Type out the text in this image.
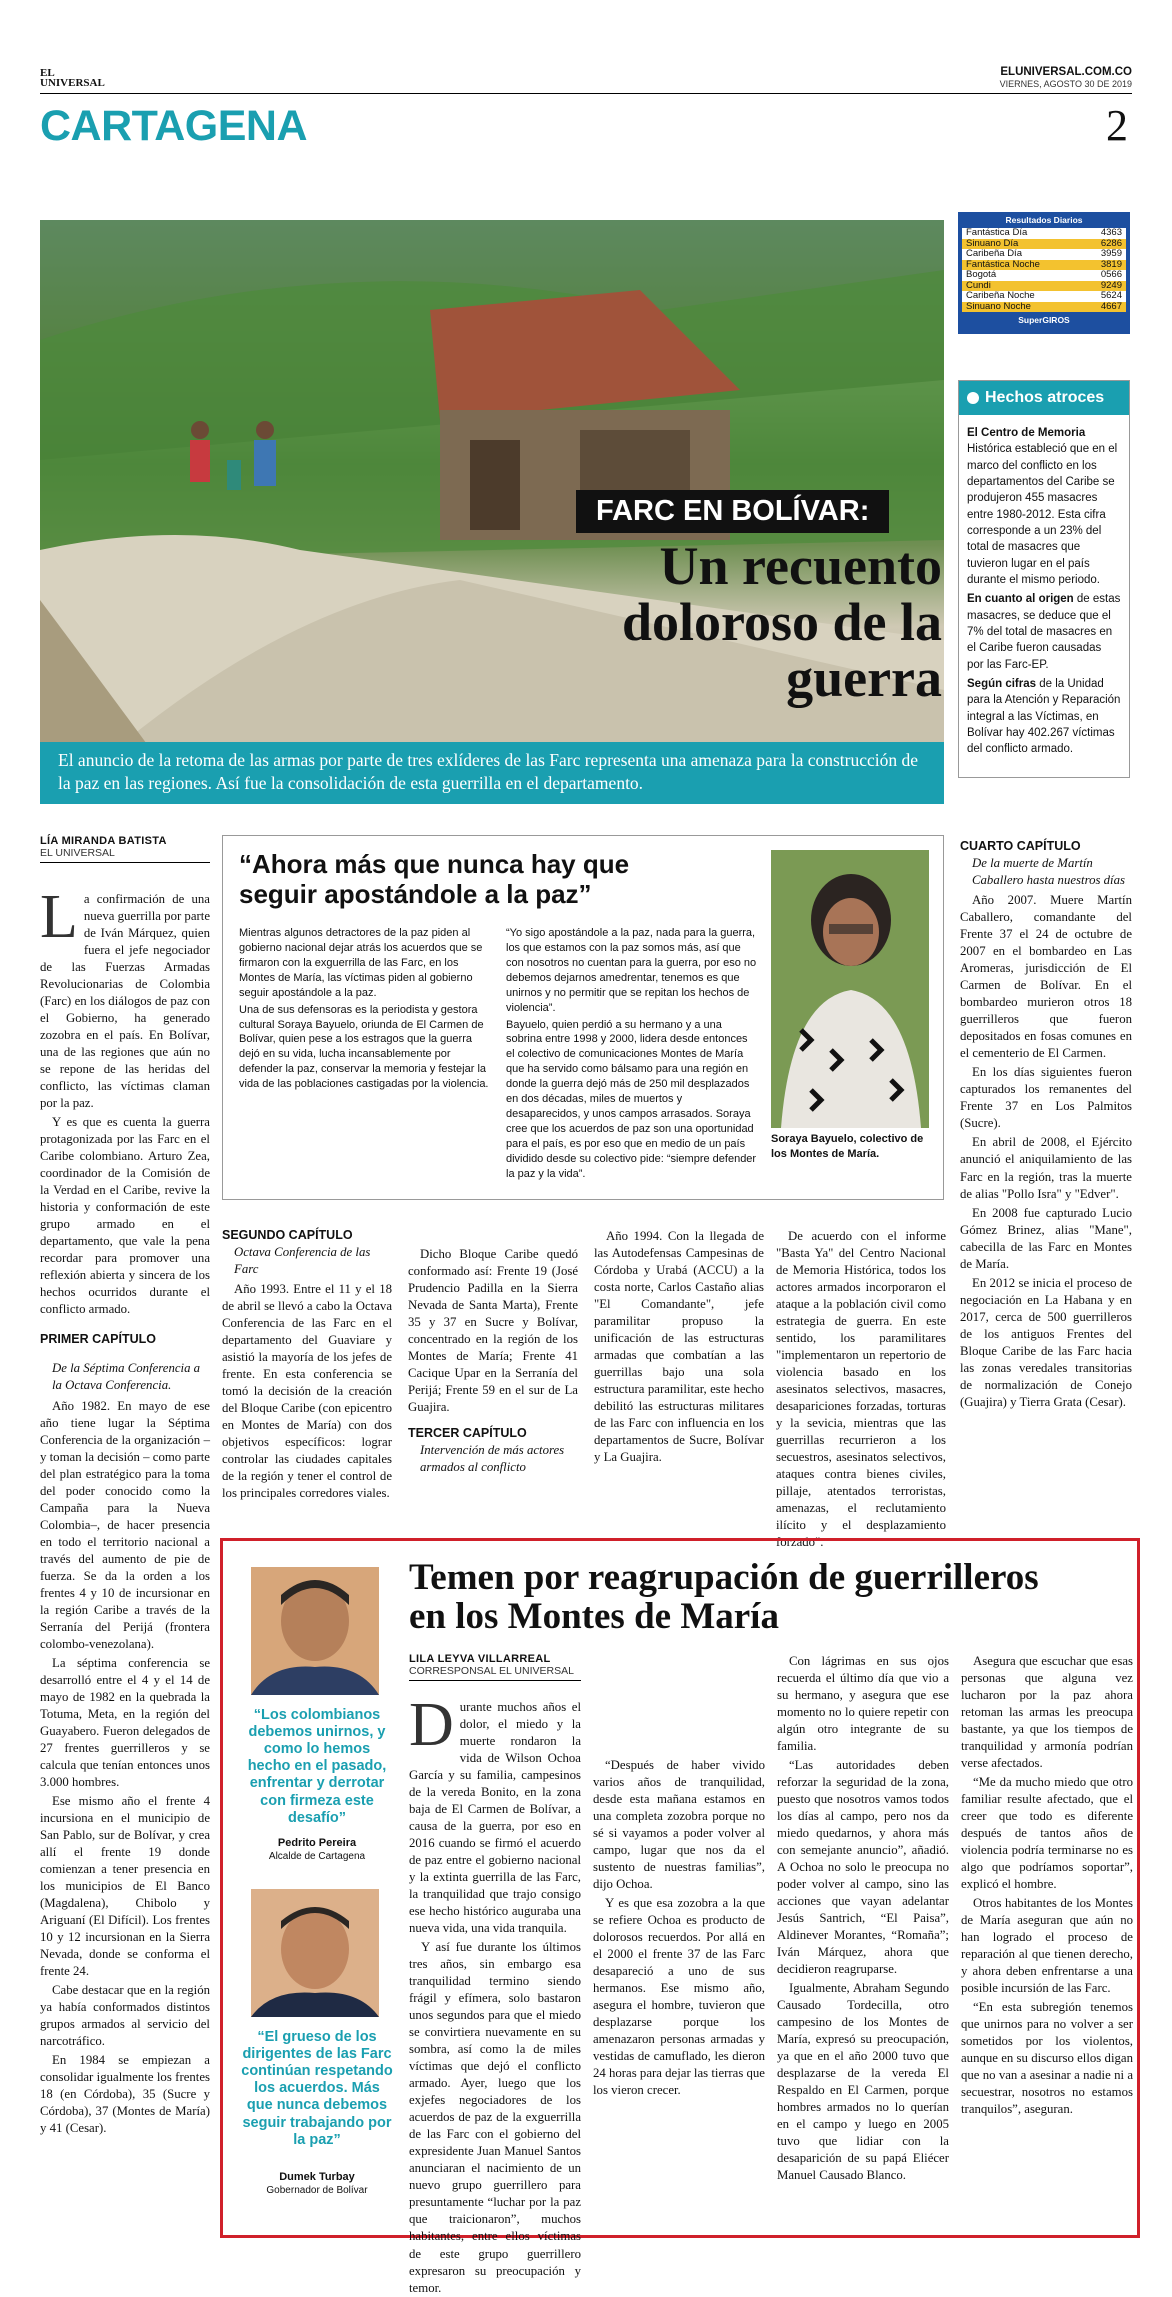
EL UNIVERSAL
ELUNIVERSAL.COM.CO
VIERNES, AGOSTO 30 DE 2019
CARTAGENA	2
FARC EN BOLÍVAR:
Un recuento doloroso de la guerra
El anuncio de la retoma de las armas por parte de tres exlíderes de las Farc representa una amenaza para la construcción de la paz en las regiones. Así fue la consolidación de esta guerrilla en el departamento.
Resultados Diarios
Fantástica Día	4363
Sinuano Día	6286
Caribeña Día	3959
Fantástica Noche	3819
Bogotá	0566
Cundi	9249
Caribeña Noche	5624
Sinuano Noche	4667
SuperGIROS
Hechos atroces

El Centro de Memoria Histórica estableció que en el marco del conflicto en los departamentos del Caribe se produjeron 455 masacres entre 1980-2012. Esta cifra corresponde a un 23% del total de masacres que tuvieron lugar en el país durante el mismo periodo.

En cuanto al origen de estas masacres, se deduce que el 7% del total de masacres en el Caribe fueron causadas por las Farc-EP.

Según cifras de la Unidad para la Atención y Reparación integral a las Víctimas, en Bolívar hay 402.267 víctimas del conflicto armado.

LÍA MIRANDA BATISTA
EL UNIVERSAL

La confirmación de una nueva guerrilla por parte de Iván Márquez, quien fuera el jefe negociador de las Fuerzas Armadas Revolucionarias de Colombia (Farc) en los diálogos de paz con el Gobierno, ha generado zozobra en el país. En Bolívar, una de las regiones que aún no se repone de las heridas del conflicto, las víctimas claman por la paz.

Y es que es cuenta la guerra protagonizada por las Farc en el Caribe colombiano. Arturo Zea, coordinador de la Comisión de la Verdad en el Caribe, revive la historia y conformación de este grupo armado en el departamento, que vale la pena recordar para promover una reflexión abierta y sincera de los hechos ocurridos durante el conflicto armado.

PRIMER CAPÍTULO
De la Séptima Conferencia a la Octava Conferencia.

Año 1982. En mayo de ese año tiene lugar la Séptima Conferencia de la organización – y toman la decisión – como parte del plan estratégico para la toma del poder conocido como la Campaña para la Nueva Colombia–, de hacer presencia en todo el territorio nacional a través del aumento de pie de fuerza. Se da la orden a los frentes 4 y 10 de incursionar en la región Caribe a través de la Serranía del Perijá (frontera colombo-venezolana).

La séptima conferencia se desarrolló entre el 4 y el 14 de mayo de 1982 en la quebrada la Totuma, Meta, en la región del Guayabero. Fueron delegados de 27 frentes guerrilleros y se calcula que tenían entonces unos 3.000 hombres.

Ese mismo año el frente 4 incursiona en el municipio de San Pablo, sur de Bolívar, y crea allí el frente 19 donde comienzan a tener presencia en los municipios de El Banco (Magdalena), Chibolo y Ariguaní (El Difícil). Los frentes 10 y 12 incursionan en la Sierra Nevada, donde se conforma el frente 24.

Cabe destacar que en la región ya había conformados distintos grupos armados al servicio del narcotráfico.

En 1984 se empiezan a consolidar igualmente los frentes 18 (en Córdoba), 35 (Sucre y Córdoba), 37 (Montes de María) y 41 (Cesar).

“Ahora más que nunca hay que seguir apostándole a la paz”

Mientras algunos detractores de la paz piden al gobierno nacional dejar atrás los acuerdos que se firmaron con la exguerrilla de las Farc, en los Montes de María, las víctimas piden al gobierno seguir apostándole a la paz.

Una de sus defensoras es la periodista y gestora cultural Soraya Bayuelo, oriunda de El Carmen de Bolívar, quien pese a los estragos que la guerra dejó en su vida, lucha incansablemente por defender la paz, conservar la memoria y festejar la vida de las poblaciones castigadas por la violencia.

“Yo sigo apostándole a la paz, nada para la guerra, los que estamos con la paz somos más, así que con nosotros no cuentan para la guerra, por eso no debemos dejarnos amedrentar, tenemos es que unirnos y no permitir que se repitan los hechos de violencia”.

Bayuelo, quien perdió a su hermano y a una sobrina entre 1998 y 2000, lidera desde entonces el colectivo de comunicaciones Montes de María que ha servido como bálsamo para una región en donde la guerra dejó más de 250 mil desplazados en dos décadas, miles de muertos y desaparecidos, y unos campos arrasados. Soraya cree que los acuerdos de paz son una oportunidad para el país, es por eso que en medio de un país dividido desde su colectivo pide: “siempre defender la paz y la vida”.

Soraya Bayuelo, colectivo de los Montes de María.
SEGUNDO CAPÍTULO
Octava Conferencia de las Farc

Año 1993. Entre el 11 y el 18 de abril se llevó a cabo la Octava Conferencia de las Farc en el departamento del Guaviare y asistió la mayoría de los jefes de frente. En esta conferencia se tomó la decisión de la creación del Bloque Caribe (con epicentro en Montes de María) con dos objetivos específicos: lograr controlar las ciudades capitales de la región y tener el control de los principales corredores viales.

Dicho Bloque Caribe quedó conformado así: Frente 19 (José Prudencio Padilla en la Sierra Nevada de Santa Marta), Frente 35 y 37 en Sucre y Bolívar, concentrado en la región de los Montes de María; Frente 41 Cacique Upar en la Serranía del Perijá; Frente 59 en el sur de La Guajira.

TERCER CAPÍTULO
Intervención de más actores armados al conflicto

Año 1994. Con la llegada de las Autodefensas Campesinas de Córdoba y Urabá (ACCU) a la costa norte, Carlos Castaño alias "El Comandante", jefe paramilitar propuso la unificación de las estructuras armadas que combatían a las guerrillas bajo una sola estructura paramilitar, este hecho debilitó las estructuras militares de las Farc con influencia en los departamentos de Sucre, Bolívar y La Guajira.

De acuerdo con el informe "Basta Ya" del Centro Nacional de Memoria Histórica, todos los actores armados incorporaron el ataque a la población civil como estrategia de guerra. En este sentido, los paramilitares "implementaron un repertorio de violencia basado en los asesinatos selectivos, masacres, desapariciones forzadas, torturas y la sevicia, mientras que las guerrillas recurrieron a los secuestros, asesinatos selectivos, ataques contra bienes civiles, pillaje, atentados terroristas, amenazas, el reclutamiento ilícito y el desplazamiento forzado".

CUARTO CAPÍTULO
De la muerte de Martín Caballero hasta nuestros días

Año 2007. Muere Martín Caballero, comandante del Frente 37 el 24 de octubre de 2007 en el bombardeo en Las Aromeras, jurisdicción de El Carmen de Bolívar. En el bombardeo murieron otros 18 guerrilleros que fueron depositados en fosas comunes en el cementerio de El Carmen.

En los días siguientes fueron capturados los remanentes del Frente 37 en Los Palmitos (Sucre).

En abril de 2008, el Ejército anunció el aniquilamiento de las Farc en la región, tras la muerte de alias "Pollo Isra" y "Edver".

En 2008 fue capturado Lucio Gómez Brinez, alias "Mane", cabecilla de las Farc en Montes de María.

En 2012 se inicia el proceso de negociación en La Habana y en 2017, cerca de 500 guerrilleros de los antiguos Frentes del Bloque Caribe de las Farc hacia las zonas veredales transitorias de normalización de Conejo (Guajira) y Tierra Grata (Cesar).

“Los colombianos debemos unirnos, y como lo hemos hecho en el pasado, enfrentar y derrotar con firmeza este desafío”
Pedrito Pereira
Alcalde de Cartagena
“El grueso de los dirigentes de las Farc continúan respetando los acuerdos. Más que nunca debemos seguir trabajando por la paz”
Dumek Turbay
Gobernador de Bolívar
Temen por reagrupación de guerrilleros en los Montes de María
LILA LEYVA VILLARREAL
CORRESPONSAL EL UNIVERSAL

Durante muchos años el dolor, el miedo y la muerte rondaron la vida de Wilson Ochoa García y su familia, campesinos de la vereda Bonito, en la zona baja de El Carmen de Bolívar, a causa de la guerra, por eso en 2016 cuando se firmó el acuerdo de paz entre el gobierno nacional y la extinta guerrilla de las Farc, la tranquilidad que trajo consigo ese hecho histórico auguraba una nueva vida, una vida tranquila.

Y así fue durante los últimos tres años, sin embargo esa tranquilidad termino siendo frágil y efímera, solo bastaron unos segundos para que el miedo se convirtiera nuevamente en su sombra, así como la de miles víctimas que dejó el conflicto armado. Ayer, luego que los exjefes negociadores de los acuerdos de paz de la exguerrilla de las Farc con el gobierno del expresidente Juan Manuel Santos anunciaran el nacimiento de un nuevo grupo guerrillero para presuntamente “luchar por la paz que traicionaron”, muchos habitantes, entre ellos víctimas de este grupo guerrillero expresaron su preocupación y temor.

“Después de haber vivido varios años de tranquilidad, desde esta mañana estamos en una completa zozobra porque no sé si vayamos a poder volver al campo, lugar que nos da el sustento de nuestras familias”, dijo Ochoa.

Y es que esa zozobra a la que se refiere Ochoa es producto de dolorosos recuerdos. Por allá en el 2000 el frente 37 de las Farc desapareció a uno de sus hermanos. Ese mismo año, asegura el hombre, tuvieron que desplazarse porque los amenazaron personas armadas y vestidas de camuflado, les dieron 24 horas para dejar las tierras que los vieron crecer.

Con lágrimas en sus ojos recuerda el último día que vio a su hermano, y asegura que ese momento no lo quiere repetir con algún otro integrante de su familia.

“Las autoridades deben reforzar la seguridad de la zona, puesto que nosotros vamos todos los días al campo, pero nos da miedo quedarnos, y ahora más con semejante anuncio”, añadió. A Ochoa no solo le preocupa no poder volver al campo, sino las acciones que vayan adelantar Jesús Santrich, “El Paisa”, Aldinever Morantes, “Romaña”; Iván Márquez, ahora que decidieron reagruparse.

Igualmente, Abraham Segundo Causado Tordecilla, otro campesino de los Montes de María, expresó su preocupación, ya que en el año 2000 tuvo que desplazarse de la vereda El Respaldo en El Carmen, porque hombres armados no lo querían en el campo y luego en 2005 tuvo que lidiar con la desaparición de su papá Eliécer Manuel Causado Blanco.

Asegura que escuchar que esas personas que alguna vez lucharon por la paz ahora retoman las armas les preocupa bastante, ya que los tiempos de tranquilidad y armonía podrían verse afectados.

“Me da mucho miedo que otro familiar resulte afectado, que el creer que todo es diferente después de tantos años de violencia podría terminarse no es algo que podríamos soportar”, explicó el hombre.

Otros habitantes de los Montes de María aseguran que aún no han logrado el proceso de reparación al que tienen derecho, y ahora deben enfrentarse a una posible incursión de las Farc.

“En esta subregión tenemos que unirnos para no volver a ser sometidos por los violentos, aunque en su discurso ellos digan que no van a asesinar a nadie ni a secuestrar, nosotros no estamos tranquilos”, aseguran.
